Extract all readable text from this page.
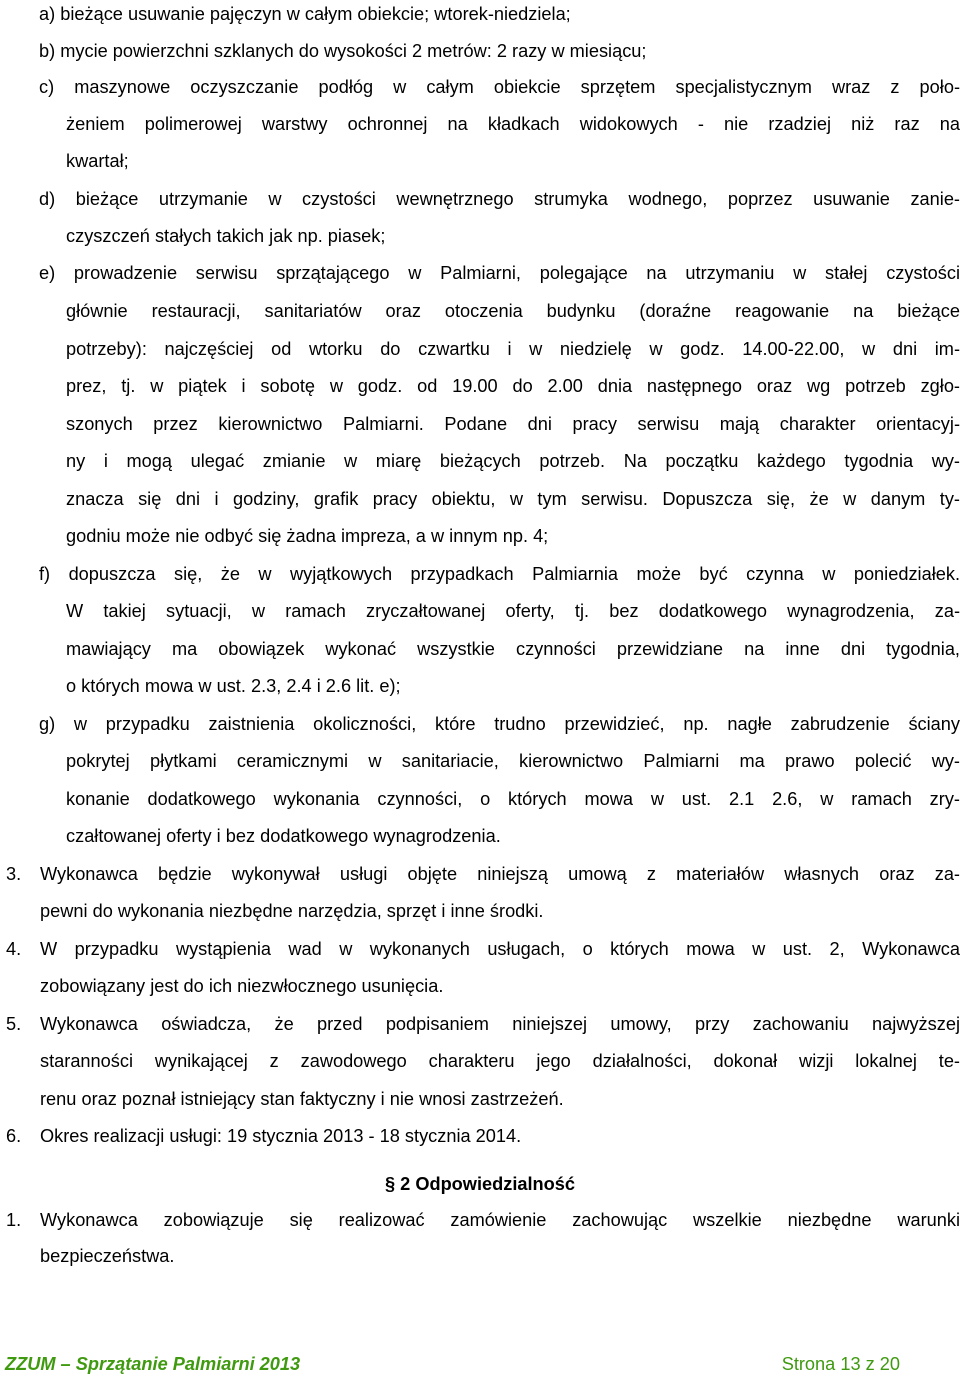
a) bieżące usuwanie pajęczyn w całym obiekcie; wtorek-niedziela;
b) mycie powierzchni szklanych do wysokości 2 metrów: 2 razy w miesiącu;
c) maszynowe oczyszczanie podłóg w całym obiekcie sprzętem specjalistycznym wraz z poło-
żeniem polimerowej warstwy ochronnej na kładkach widokowych - nie rzadziej niż raz na
kwartał;
d) bieżące utrzymanie w czystości wewnętrznego strumyka wodnego, poprzez usuwanie zanie-
czyszczeń stałych takich jak np. piasek;
e) prowadzenie serwisu sprzątającego w Palmiarni, polegające na utrzymaniu w stałej czystości
głównie restauracji, sanitariatów oraz otoczenia budynku (doraźne reagowanie na bieżące
potrzeby): najczęściej od wtorku do czwartku i w niedzielę w godz. 14.00-22.00, w dni im-
prez, tj. w piątek i sobotę w godz. od 19.00 do 2.00 dnia następnego oraz wg potrzeb zgło-
szonych przez kierownictwo Palmiarni. Podane dni pracy serwisu mają charakter orientacyj-
ny i mogą ulegać zmianie w miarę bieżących potrzeb. Na początku każdego tygodnia wy-
znacza się dni i godziny, grafik pracy obiektu, w tym serwisu. Dopuszcza się, że w danym ty-
godniu może nie odbyć się żadna impreza, a w innym np. 4;
f) dopuszcza się, że w wyjątkowych przypadkach Palmiarnia może być czynna w poniedziałek.
W takiej sytuacji, w ramach zryczałtowanej oferty, tj. bez dodatkowego wynagrodzenia, za-
mawiający ma obowiązek wykonać wszystkie czynności przewidziane na inne dni tygodnia,
o których mowa w ust. 2.3, 2.4 i 2.6 lit. e);
g) w przypadku zaistnienia okoliczności, które trudno przewidzieć, np. nagłe zabrudzenie ściany
pokrytej płytkami ceramicznymi w sanitariacie, kierownictwo Palmiarni ma prawo polecić wy-
konanie dodatkowego wykonania czynności, o których mowa w ust. 2.1 2.6, w ramach zry-
czałtowanej oferty i bez dodatkowego wynagrodzenia.
3. Wykonawca będzie wykonywał usługi objęte niniejszą umową z materiałów własnych oraz za-
pewni do wykonania niezbędne narzędzia, sprzęt i inne środki.
4. W przypadku wystąpienia wad w wykonanych usługach, o których mowa w ust. 2, Wykonawca
zobowiązany jest do ich niezwłocznego usunięcia.
5. Wykonawca oświadcza, że przed podpisaniem niniejszej umowy, przy zachowaniu najwyższej
staranności wynikającej z zawodowego charakteru jego działalności, dokonał wizji lokalnej te-
renu oraz poznał istniejący stan faktyczny i nie wnosi zastrzeżeń.
6. Okres realizacji usługi: 19 stycznia 2013 - 18 stycznia 2014.
§ 2 Odpowiedzialność
1. Wykonawca zobowiązuje się realizować zamówienie zachowując wszelkie niezbędne warunki
bezpieczeństwa.
ZZUM – Sprzątanie Palmiarni 2013	Strona 13 z 20
